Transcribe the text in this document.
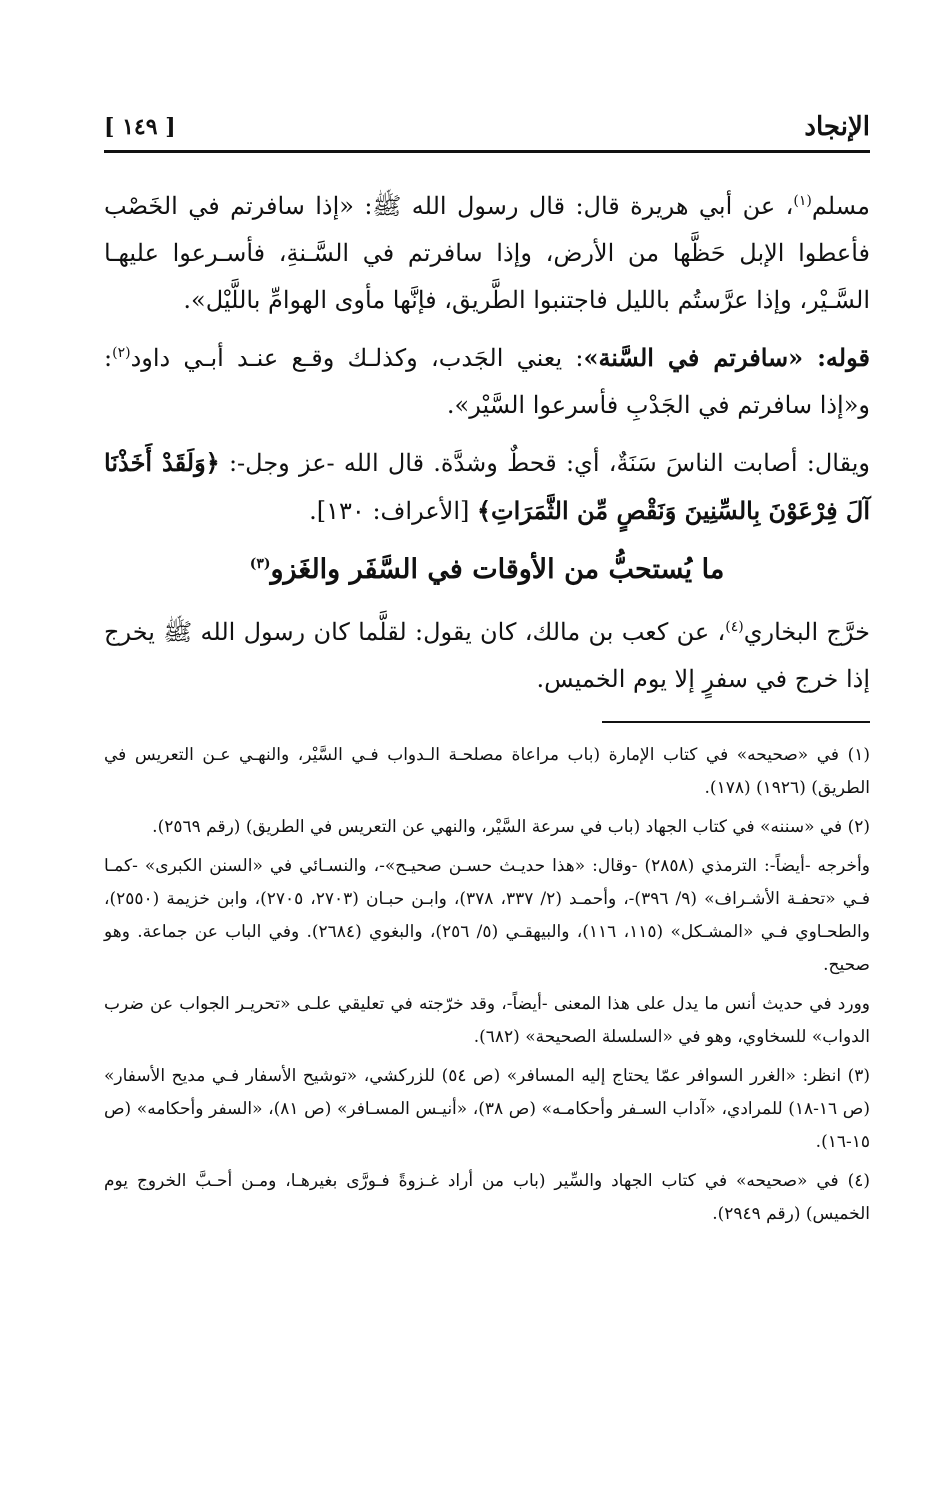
الإنجاد
[ ١٤٩ ]

مسلم$^{(١)}$، عن أبي هريرة قال: قال رسول الله ﷺ: «إذا سافرتم في الخَصْب فأعطوا الإبل حَظَّها من الأرض، وإذا سافرتم في السَّـنةِ، فأسـرعوا عليهـا السَّـيْر، وإذا عرَّستُم بالليل فاجتنبوا الطَّريق، فإنَّها مأوى الهوامِّ باللَّيْل».

قوله: «سافرتم في السَّنة»: يعني الجَدب، وكذلـك وقـع عنـد أبـي داود$^{(٢)}$: و«إذا سافرتم في الجَدْبِ فأسرعوا السَّيْر».

ويقال: أصابت الناسَ سَنَةٌ، أي: قحطٌ وشدَّة. قال الله -عز وجل-: ﴿وَلَقَدْ أَخَذْنَا آلَ فِرْعَوْنَ بِالسِّنِينَ وَنَقْصٍ مِّن الثَّمَرَاتِ﴾ [الأعراف: ١٣٠].

ما يُستحبُّ من الأوقات في السَّفَر والغَزو$^{(٣)}$

خرَّج البخاري$^{(٤)}$، عن كعب بن مالك، كان يقول: لقلَّما كان رسول الله ﷺ يخرج إذا خرج في سفرٍ إلا يوم الخميس.

(١) في «صحيحه» في كتاب الإمارة (باب مراعاة مصلحـة الـدواب فـي السَّيْر، والنهـي عـن التعريس في الطريق) (١٩٢٦) (١٧٨).

(٢) في «سننه» في كتاب الجهاد (باب في سرعة السَّيْر، والنهي عن التعريس في الطريق) (رقم ٢٥٦٩).

وأخرجه -أيضاً-: الترمذي (٢٨٥٨) -وقال: «هذا حديـث حسـن صحيـح»-، والنسـائي في «السنن الكبرى» -كمـا فـي «تحفـة الأشـراف» (٩/ ٣٩٦)-، وأحمـد (٢/ ٣٣٧، ٣٧٨)، وابـن حبـان (٢٧٠٣، ٢٧٠٥)، وابن خزيمة (٢٥٥٠)، والطحـاوي فـي «المشـكل» (١١٥، ١١٦)، والبيهقـي (٥/ ٢٥٦)، والبغوي (٢٦٨٤). وفي الباب عن جماعة. وهو صحيح.

وورد في حديث أنس ما يدل على هذا المعنى -أيضاً-، وقد خرّجته في تعليقي علـى «تحريـر الجواب عن ضرب الدواب» للسخاوي، وهو في «السلسلة الصحيحة» (٦٨٢).

(٣) انظر: «الغرر السوافر عمّا يحتاج إليه المسافر» (ص ٥٤) للزركشي، «توشيح الأسفار فـي مديح الأسفار» (ص ١٦-١٨) للمرادي، «آداب السـفر وأحكامـه» (ص ٣٨)، «أنيـس المسـافر» (ص ٨١)، «السفر وأحكامه» (ص ١٥-١٦).

(٤) في «صحيحه» في كتاب الجهاد والسِّير (باب من أراد غـزوةً فـورَّى بغيرهـا، ومـن أحـبَّ الخروج يوم الخميس) (رقم ٢٩٤٩).
